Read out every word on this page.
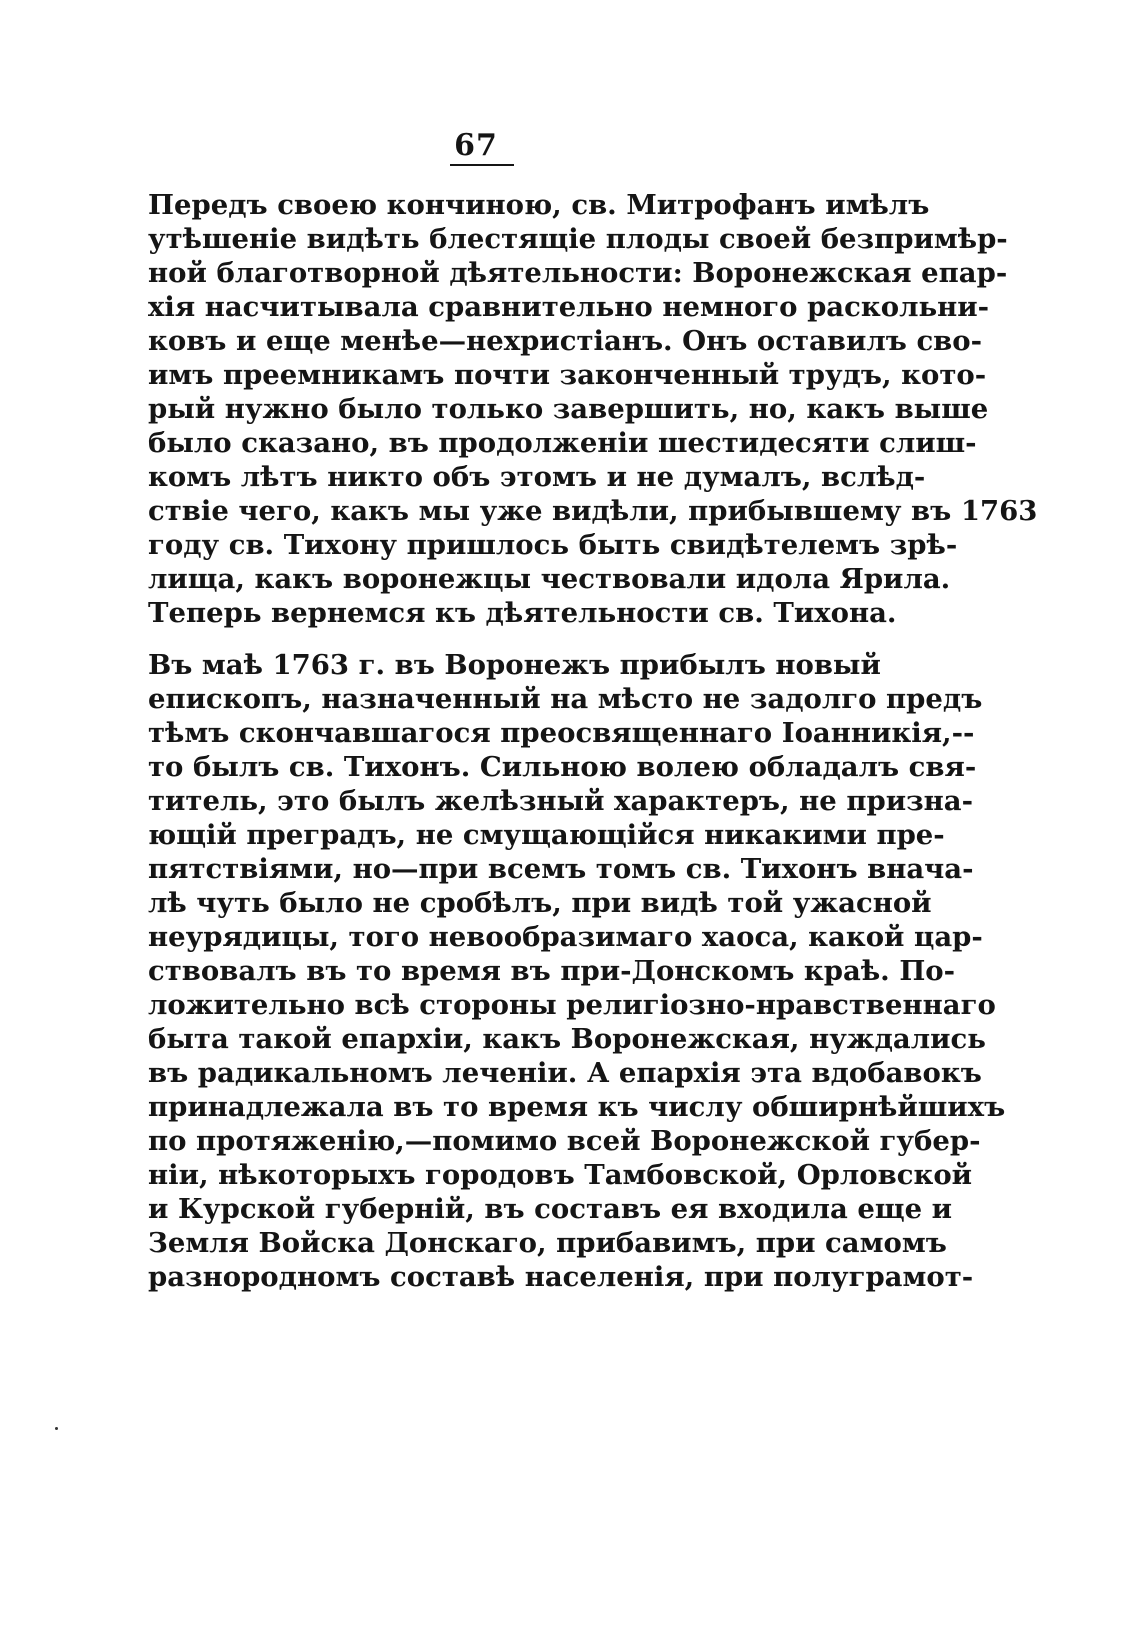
67
Передъ своею кончиною, св. Митрофанъ имѣлъ
утѣшеніе видѣть блестящіе плоды своей безпримѣр-
ной благотворной дѣятельности: Воронежская епар-
хія насчитывала сравнительно немного раскольни-
ковъ и еще менѣе—нехристіанъ. Онъ оставилъ сво-
имъ преемникамъ почти законченный трудъ, кото-
рый нужно было только завершить, но, какъ выше
было сказано, въ продолженіи шестидесяти слиш-
комъ лѣтъ никто объ этомъ и не думалъ, вслѣд-
ствіе чего, какъ мы уже видѣли, прибывшему въ 1763
году св. Тихону пришлось быть свидѣтелемъ зрѣ-
лища, какъ воронежцы чествовали идола Ярила.
Теперь вернемся къ дѣятельности св. Тихона.
Въ маѣ 1763 г. въ Воронежъ прибылъ новый
епископъ, назначенный на мѣсто не задолго предъ
тѣмъ скончавшагося преосвященнаго Іоанникія,--
то былъ св. Тихонъ. Сильною волею обладалъ свя-
титель, это былъ желѣзный характеръ, не призна-
ющій преградъ, не смущающійся никакими пре-
пятствіями, но—при всемъ томъ св. Тихонъ внача-
лѣ чуть было не сробѣлъ, при видѣ той ужасной
неурядицы, того невообразимаго хаоса, какой цар-
ствовалъ въ то время въ при-Донскомъ краѣ. По-
ложительно всѣ стороны религіозно-нравственнаго
быта такой епархіи, какъ Воронежская, нуждались
въ радикальномъ леченіи. А епархія эта вдобавокъ
принадлежала въ то время къ числу обширнѣйшихъ
по протяженію,—помимо всей Воронежской губер-
ніи, нѣкоторыхъ городовъ Тамбовской, Орловской
и Курской губерній, въ составъ ея входила еще и
Земля Войска Донскаго, прибавимъ, при самомъ
разнородномъ составѣ населенія, при полуграмот-
